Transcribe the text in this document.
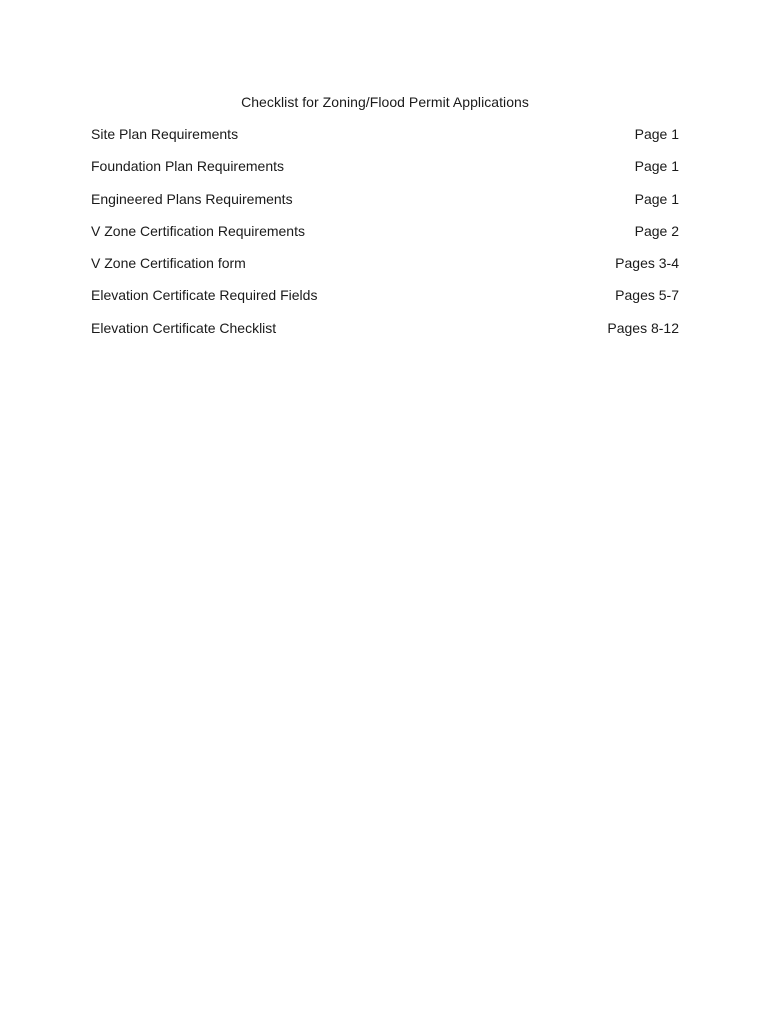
Checklist for Zoning/Flood Permit Applications
Site Plan Requirements	Page 1
Foundation Plan Requirements	Page 1
Engineered Plans Requirements	Page 1
V Zone Certification Requirements	Page 2
V Zone Certification form	Pages 3-4
Elevation Certificate Required Fields	Pages 5-7
Elevation Certificate Checklist	Pages 8-12
